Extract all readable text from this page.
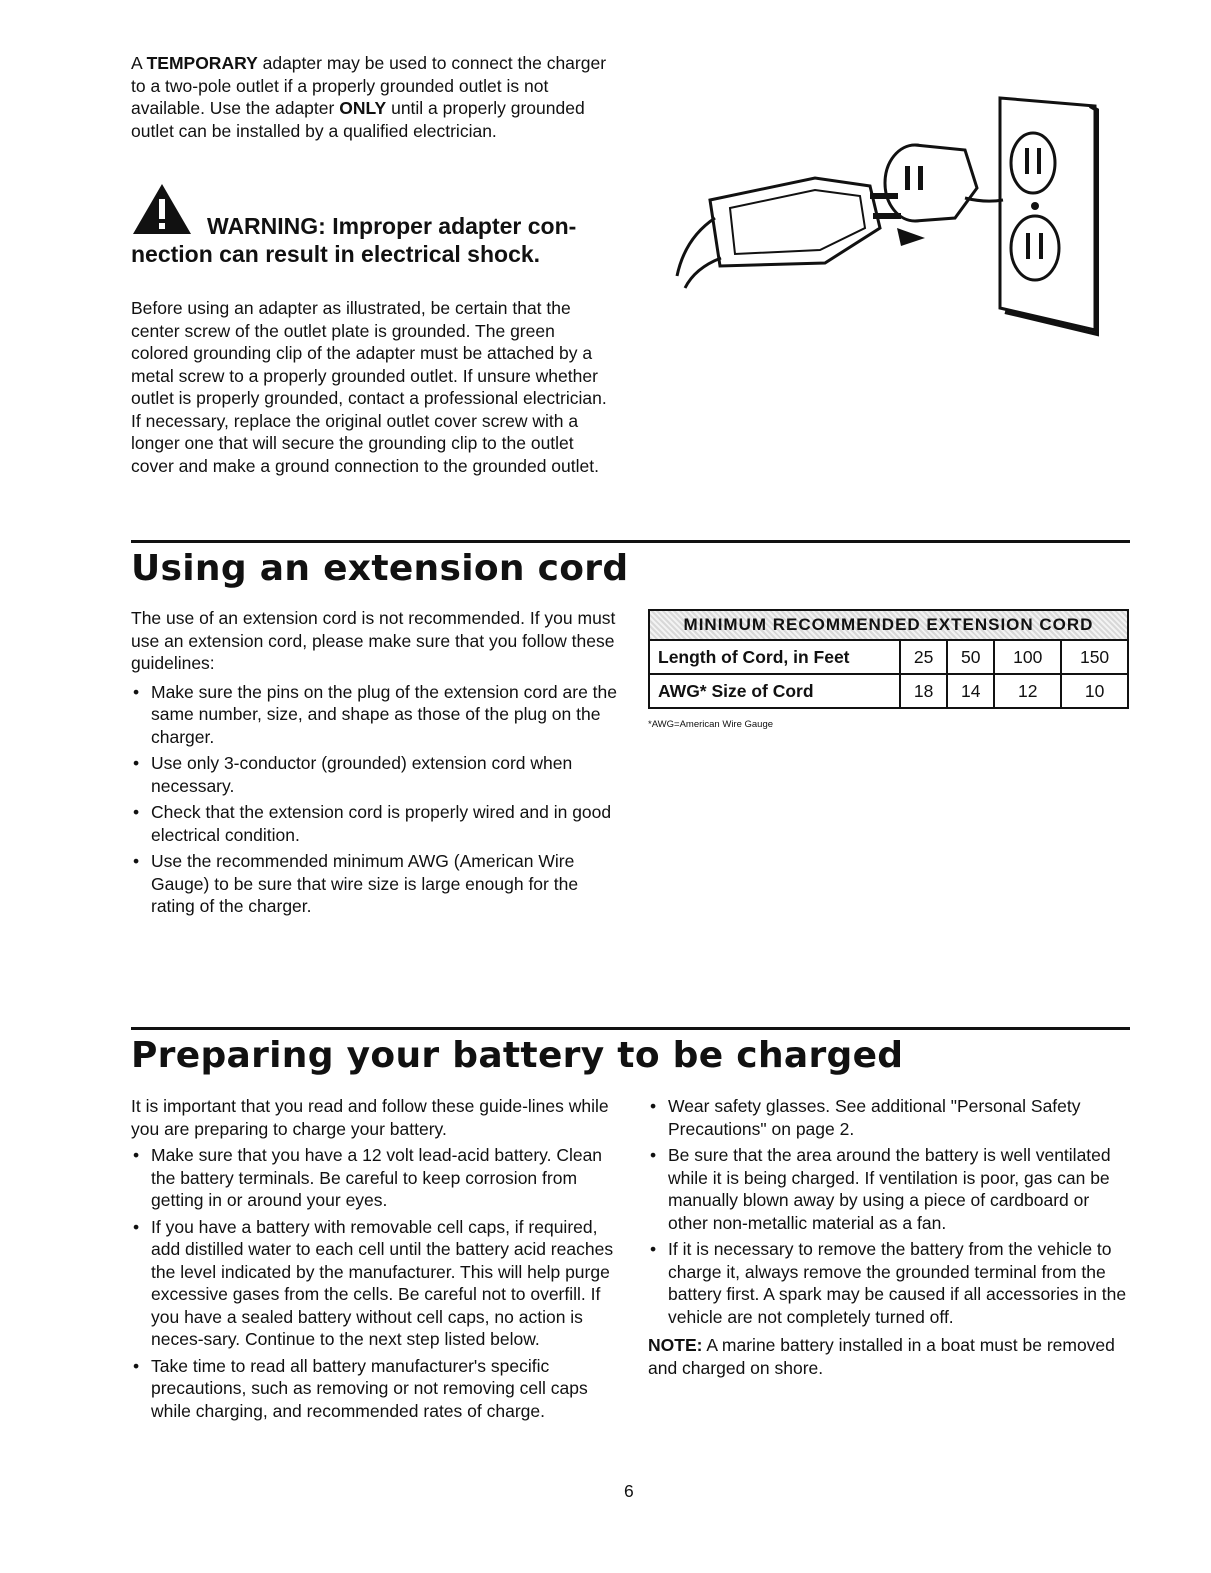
A TEMPORARY adapter may be used to connect the charger to a two-pole outlet if a properly grounded outlet is not available. Use the adapter ONLY until a properly grounded outlet can be installed by a qualified electrician.
WARNING: Improper adapter con-nection can result in electrical shock.
Before using an adapter as illustrated, be certain that the center screw of the outlet plate is grounded. The green colored grounding clip of the adapter must be attached by a metal screw to a properly grounded outlet. If unsure whether outlet is properly grounded, contact a professional electrician. If necessary, replace the original outlet cover screw with a longer one that will secure the grounding clip to the outlet cover and make a ground connection to the grounded outlet.
Using an extension cord

The use of an extension cord is not recommended. If you must use an extension cord, please make sure that you follow these guidelines:

• Make sure the pins on the plug of the extension cord are the same number, size, and shape as those of the plug on the charger.
• Use only 3-conductor (grounded) extension cord when necessary.
• Check that the extension cord is properly wired and in good electrical condition.
• Use the recommended minimum AWG (American Wire Gauge) to be sure that wire size is large enough for the rating of the charger.
MINIMUM RECOMMENDED EXTENSION CORD				
Length of Cord, in Feet	25	50	100	150
AWG* Size of Cord	18	14	12	10
*AWG=American Wire Gauge
Preparing your battery to be charged

It is important that you read and follow these guide-lines while you are preparing to charge your battery.

• Make sure that you have a 12 volt lead-acid battery. Clean the battery terminals. Be careful to keep corrosion from getting in or around your eyes.
• If you have a battery with removable cell caps, if required, add distilled water to each cell until the battery acid reaches the level indicated by the manufacturer. This will help purge excessive gases from the cells. Be careful not to overfill. If you have a sealed battery without cell caps, no action is neces-sary. Continue to the next step listed below.
• Take time to read all battery manufacturer's specific precautions, such as removing or not removing cell caps while charging, and recommended rates of charge.
• Wear safety glasses. See additional "Personal Safety Precautions" on page 2.
• Be sure that the area around the battery is well ventilated while it is being charged. If ventilation is poor, gas can be manually blown away by using a piece of cardboard or other non-metallic material as a fan.
• If it is necessary to remove the battery from the vehicle to charge it, always remove the grounded terminal from the battery first. A spark may be caused if all accessories in the vehicle are not completely turned off.

NOTE: A marine battery installed in a boat must be removed and charged on shore.

6
